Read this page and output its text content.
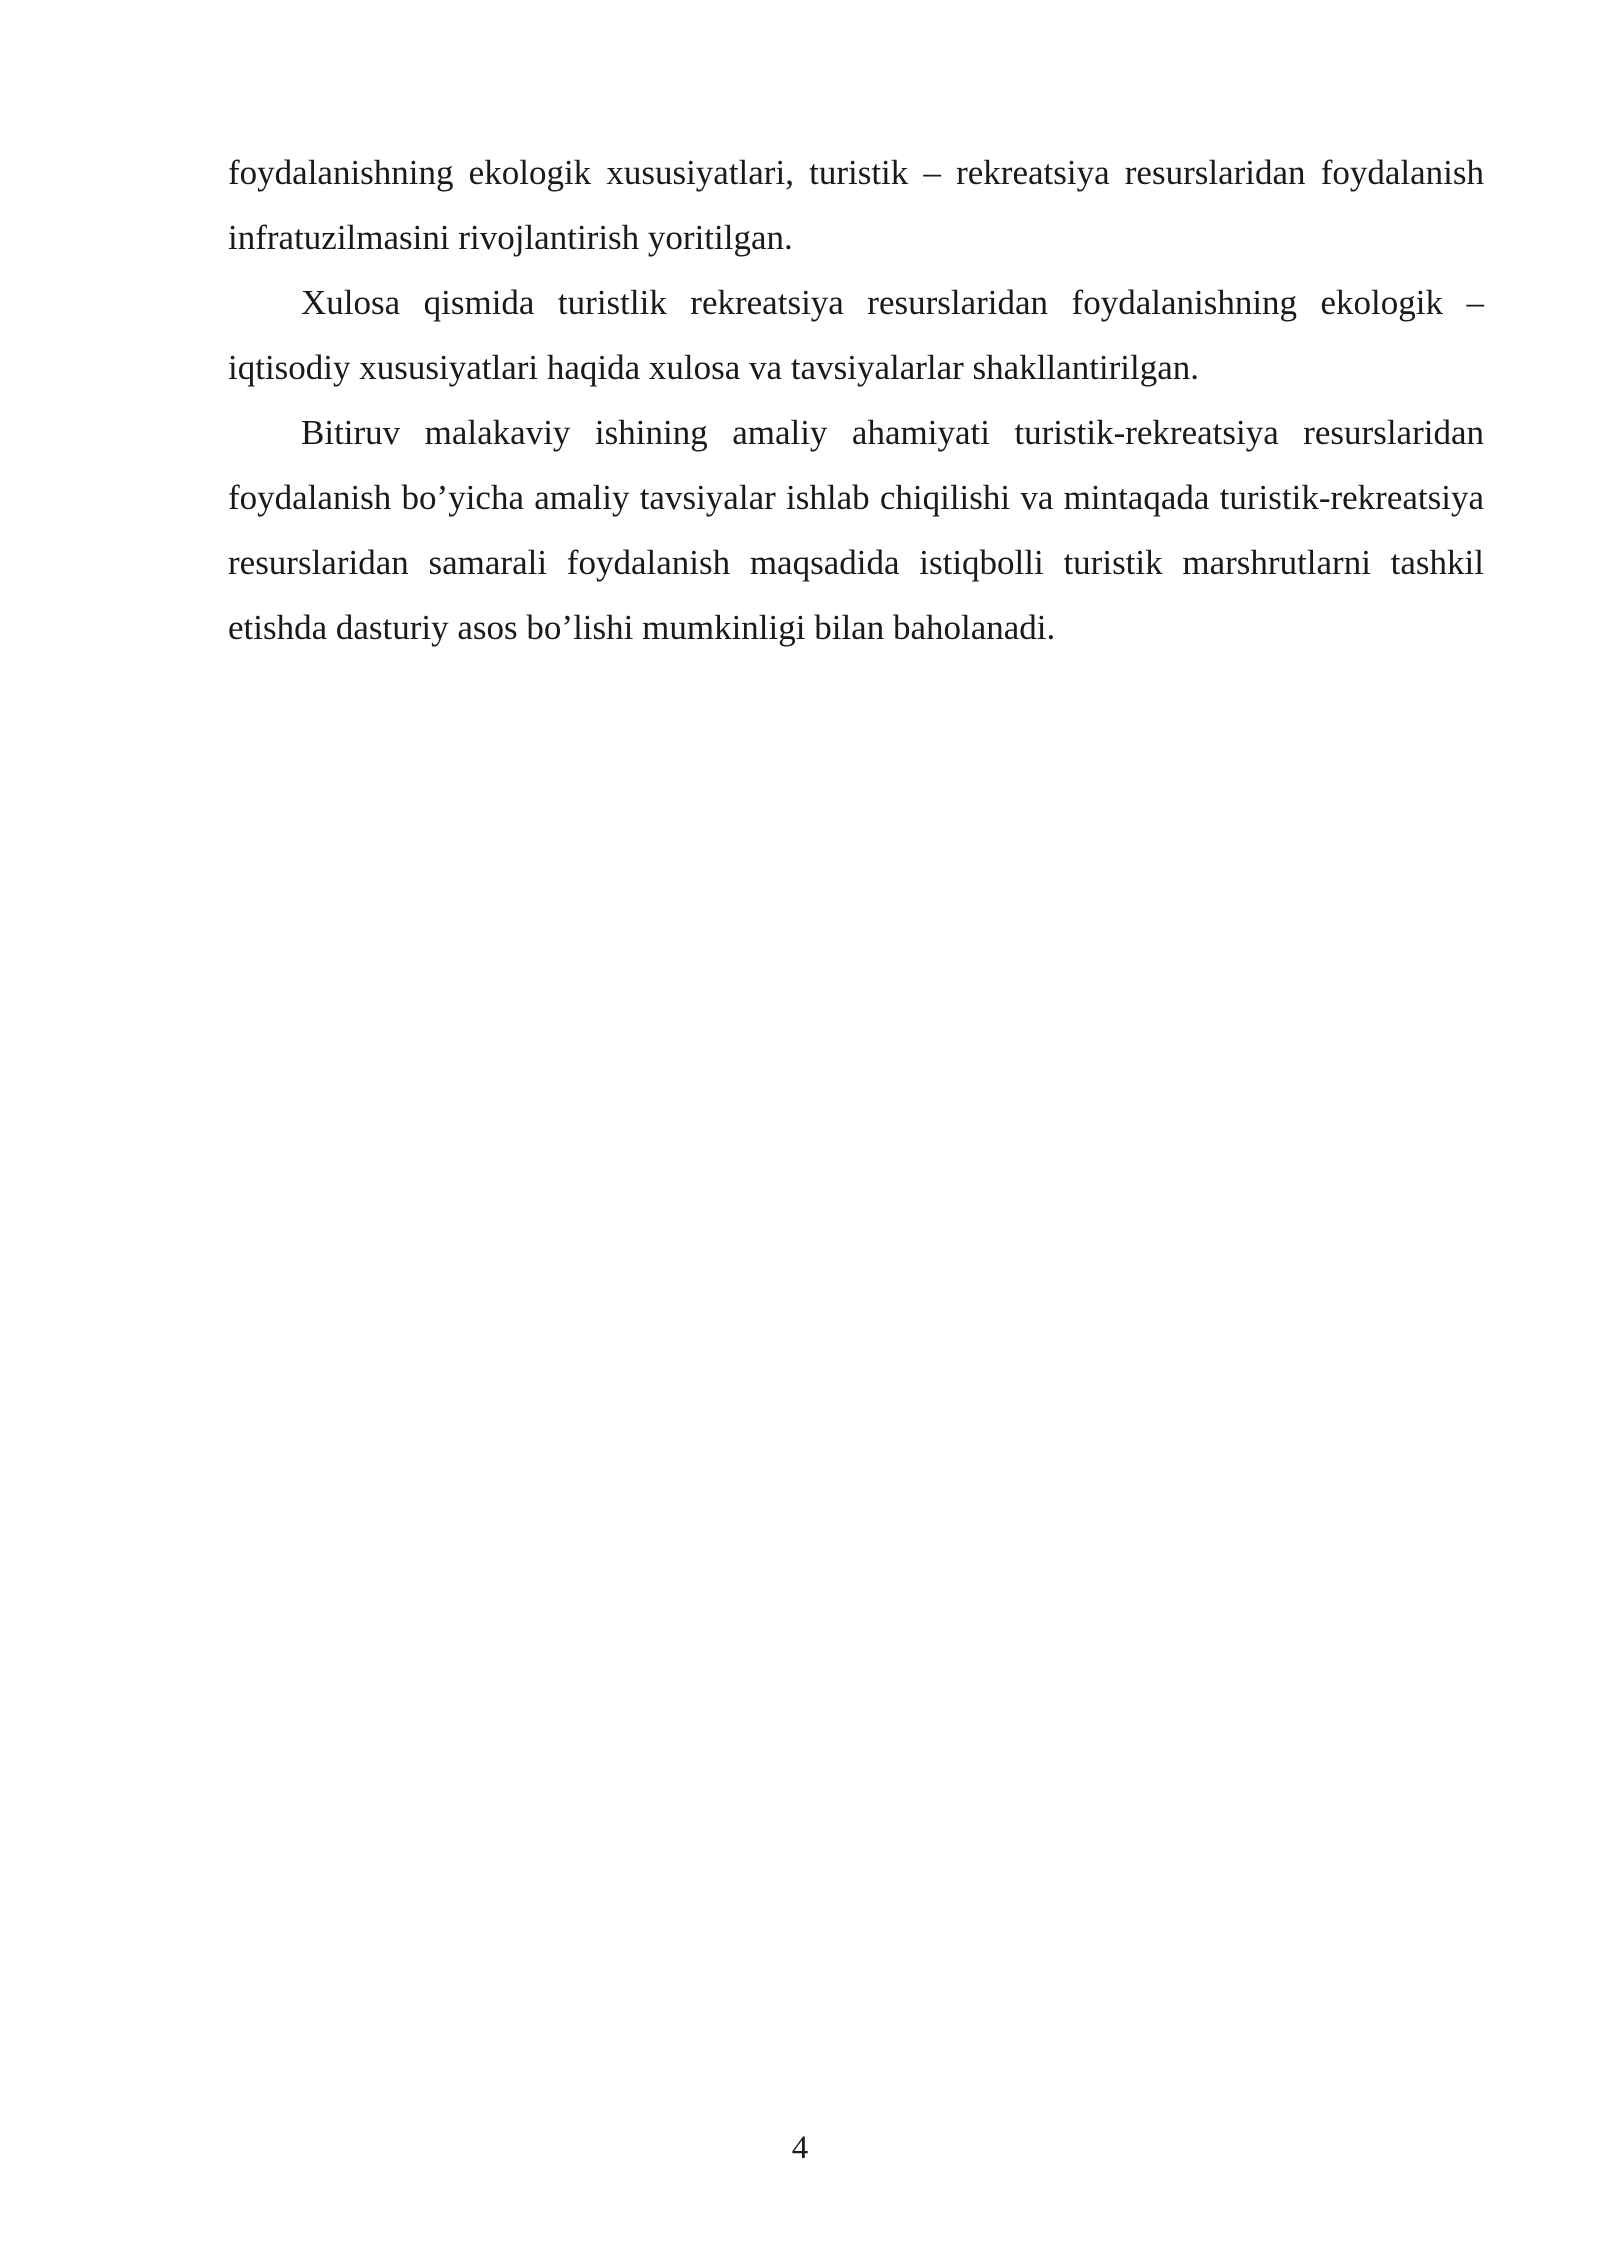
foydalanishning ekologik xususiyatlari, turistik – rekreatsiya resurslaridan foydalanish infratuzilmasini rivojlantirish yoritilgan.

Xulosa qismida turistlik rekreatsiya resurslaridan foydalanishning ekologik – iqtisodiy xususiyatlari haqida xulosa va tavsiyalarlar shakllantirilgan.

Bitiruv malakaviy ishining amaliy ahamiyati turistik-rekreatsiya resurslaridan foydalanish bo’yicha amaliy tavsiyalar ishlab chiqilishi va mintaqada turistik-rekreatsiya resurslaridan samarali foydalanish maqsadida istiqbolli turistik marshrutlarni tashkil etishda dasturiy asos bo’lishi mumkinligi bilan baholanadi.

4
